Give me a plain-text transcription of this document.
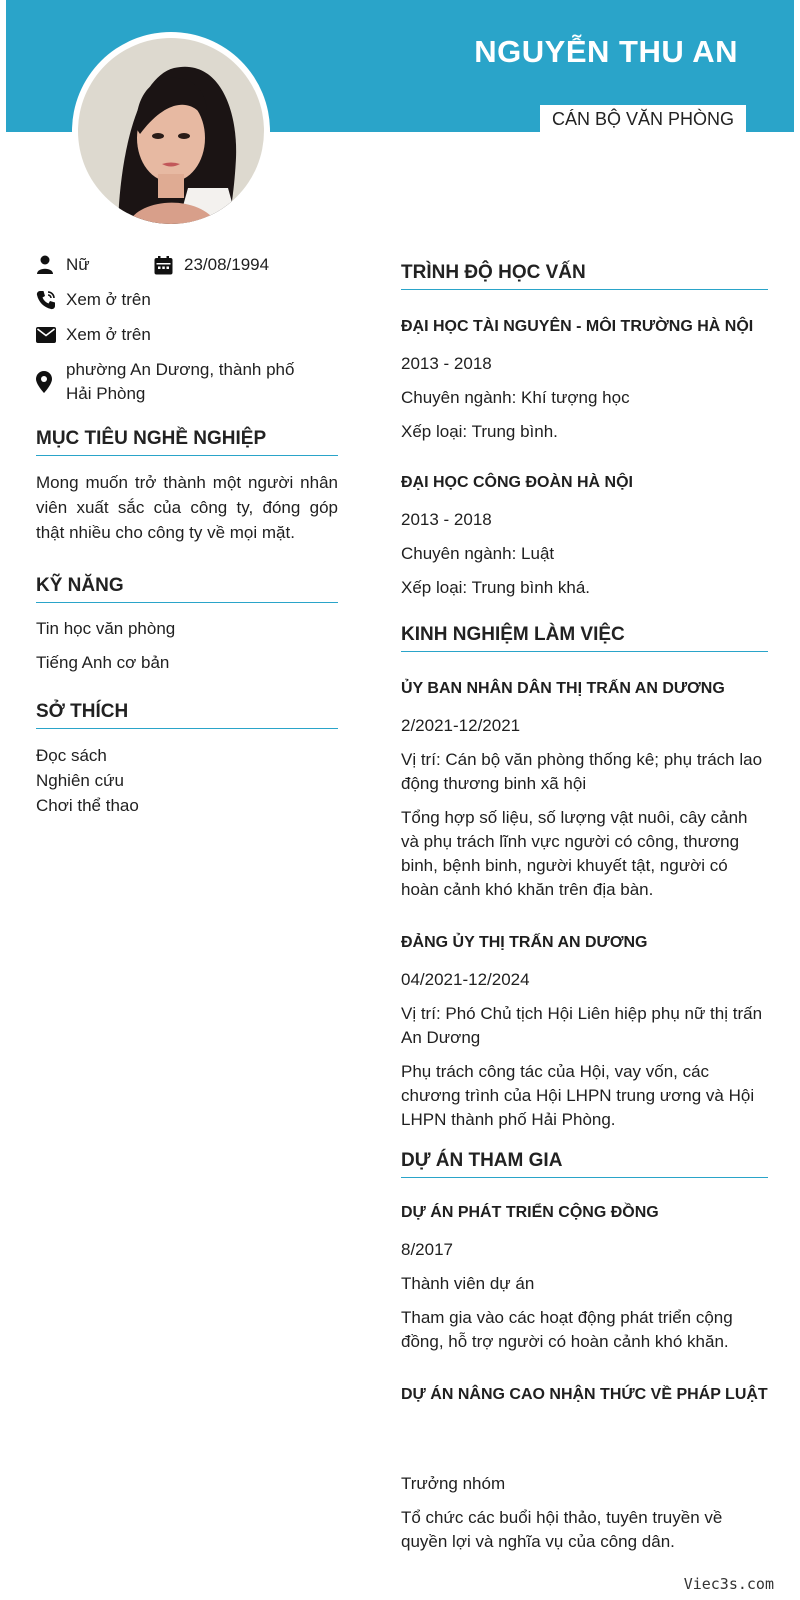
NGUYỄN THU AN
CÁN BỘ VĂN PHÒNG
Nữ	23/08/1994
Xem ở trên
Xem ở trên
phường An Dương, thành phố Hải Phòng
MỤC TIÊU NGHỀ NGHIỆP

Mong muốn trở thành một người nhân viên xuất sắc của công ty, đóng góp thật nhiều cho công ty về mọi mặt.

KỸ NĂNG
Tin học văn phòng
Tiếng Anh cơ bản
SỞ THÍCH
Đọc sách
Nghiên cứu
Chơi thể thao
TRÌNH ĐỘ HỌC VẤN

ĐẠI HỌC TÀI NGUYÊN - MÔI TRƯỜNG HÀ NỘI

2013 - 2018

Chuyên ngành: Khí tượng học

Xếp loại: Trung bình.

ĐẠI HỌC CÔNG ĐOÀN HÀ NỘI

2013 - 2018

Chuyên ngành: Luật

Xếp loại: Trung bình khá.

KINH NGHIỆM LÀM VIỆC

ỦY BAN NHÂN DÂN THỊ TRẤN AN DƯƠNG

2/2021-12/2021

Vị trí: Cán bộ văn phòng thống kê; phụ trách lao động thương binh xã hội

Tổng hợp số liệu, số lượng vật nuôi, cây cảnh và phụ trách lĩnh vực người có công, thương binh, bệnh binh, người khuyết tật, người có hoàn cảnh khó khăn trên địa bàn.

ĐẢNG ỦY THỊ TRẤN AN DƯƠNG

04/2021-12/2024

Vị trí: Phó Chủ tịch Hội Liên hiệp phụ nữ thị trấn An Dương

Phụ trách công tác của Hội, vay vốn, các chương trình của Hội LHPN trung ương và Hội LHPN thành phố Hải Phòng.

DỰ ÁN THAM GIA

DỰ ÁN PHÁT TRIỂN CỘNG ĐỒNG

8/2017

Thành viên dự án

Tham gia vào các hoạt động phát triển cộng đồng, hỗ trợ người có hoàn cảnh khó khăn.

DỰ ÁN NÂNG CAO NHẬN THỨC VỀ PHÁP LUẬT

Trưởng nhóm

Tổ chức các buổi hội thảo, tuyên truyền về quyền lợi và nghĩa vụ của công dân.

Viec3s.com
